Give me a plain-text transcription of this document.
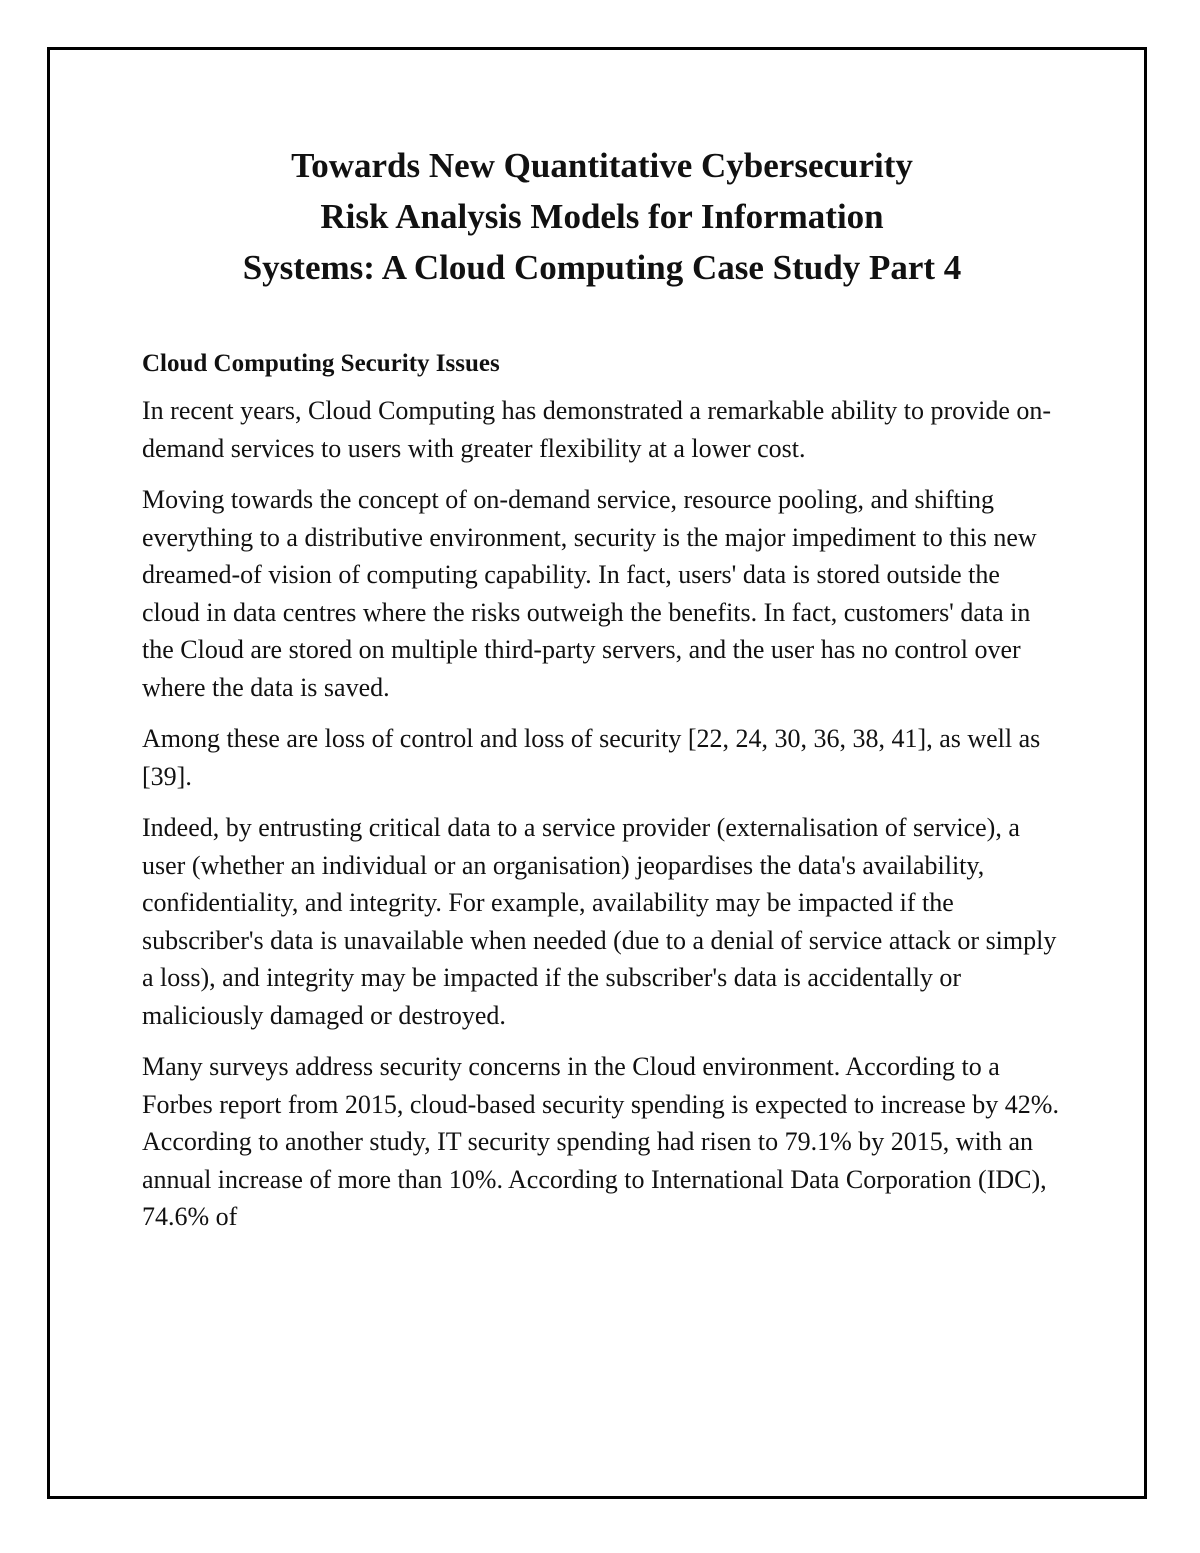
Towards New Quantitative Cybersecurity
Risk Analysis Models for Information
Systems: A Cloud Computing Case Study Part 4
Cloud Computing Security Issues

In recent years, Cloud Computing has demonstrated a remarkable ability to provide on-demand services to users with greater flexibility at a lower cost.

Moving towards the concept of on-demand service, resource pooling, and shifting everything to a distributive environment, security is the major impediment to this new dreamed-of vision of computing capability. In fact, users' data is stored outside the cloud in data centres where the risks outweigh the benefits. In fact, customers' data in the Cloud are stored on multiple third-party servers, and the user has no control over where the data is saved.

Among these are loss of control and loss of security [22, 24, 30, 36, 38, 41], as well as [39].

Indeed, by entrusting critical data to a service provider (externalisation of service), a user (whether an individual or an organisation) jeopardises the data's availability, confidentiality, and integrity. For example, availability may be impacted if the subscriber's data is unavailable when needed (due to a denial of service attack or simply a loss), and integrity may be impacted if the subscriber's data is accidentally or maliciously damaged or destroyed.

Many surveys address security concerns in the Cloud environment. According to a Forbes report from 2015, cloud-based security spending is expected to increase by 42%. According to another study, IT security spending had risen to 79.1% by 2015, with an annual increase of more than 10%. According to International Data Corporation (IDC), 74.6% of
